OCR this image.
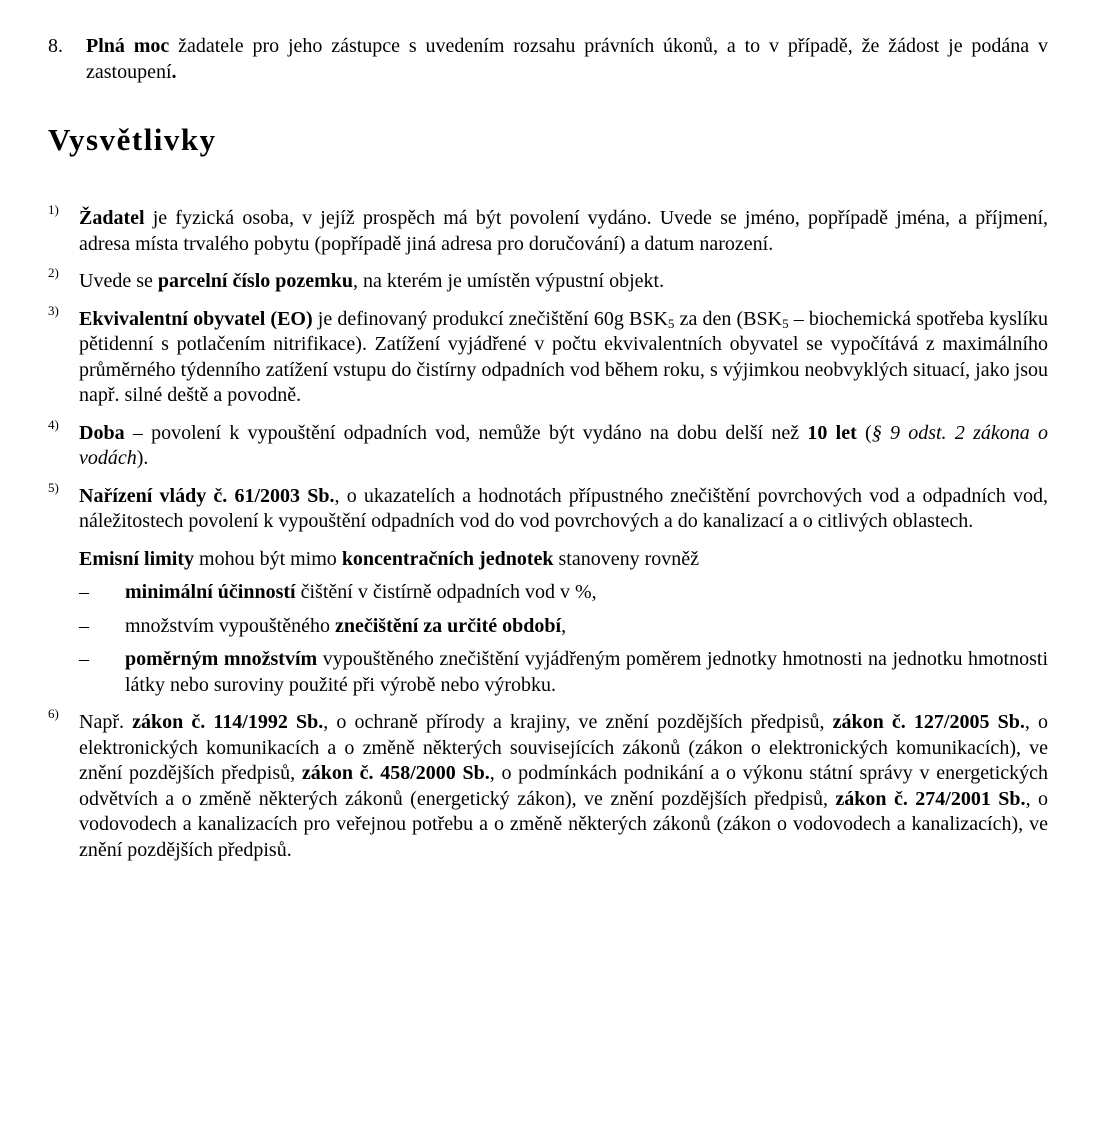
8. Plná moc žadatele pro jeho zástupce s uvedením rozsahu právních úkonů, a to v případě, že žádost je podána v zastoupení.
Vysvětlivky
1) Žadatel je fyzická osoba, v jejíž prospěch má být povolení vydáno. Uvede se jméno, popřípadě jména, a příjmení, adresa místa trvalého pobytu (popřípadě jiná adresa pro doručování) a datum narození.
2) Uvede se parcelní číslo pozemku, na kterém je umístěn výpustní objekt.
3) Ekvivalentní obyvatel (EO) je definovaný produkcí znečištění 60g $BSK_5$ za den ($BSK_5$ – biochemická spotřeba kyslíku pětidenní s potlačením nitrifikace). Zatížení vyjádřené v počtu ekvivalentních obyvatel se vypočítává z maximálního průměrného týdenního zatížení vstupu do čistírny odpadních vod během roku, s výjimkou neobvyklých situací, jako jsou např. silné deště a povodně.
4) Doba – povolení k vypouštění odpadních vod, nemůže být vydáno na dobu delší než 10 let (§ 9 odst. 2 zákona o vodách).
5) Nařízení vlády č. 61/2003 Sb., o ukazatelích a hodnotách přípustného znečištění povrchových vod a odpadních vod, náležitostech povolení k vypouštění odpadních vod do vod povrchových a do kanalizací a o citlivých oblastech.
Emisní limity mohou být mimo koncentračních jednotek stanoveny rovněž
– minimální účinností čištění v čistírně odpadních vod v %,
– množstvím vypouštěného znečištění za určité období,
– poměrným množstvím vypouštěného znečištění vyjádřeným poměrem jednotky hmotnosti na jednotku hmotnosti látky nebo suroviny použité při výrobě nebo výrobku.
6) Např. zákon č. 114/1992 Sb., o ochraně přírody a krajiny, ve znění pozdějších předpisů, zákon č. 127/2005 Sb., o elektronických komunikacích a o změně některých souvisejících zákonů (zákon o elektronických komunikacích), ve znění pozdějších předpisů, zákon č. 458/2000 Sb., o podmínkách podnikání a o výkonu státní správy v energetických odvětvích a o změně některých zákonů (energetický zákon), ve znění pozdějších předpisů, zákon č. 274/2001 Sb., o vodovodech a kanalizacích pro veřejnou potřebu a o změně některých zákonů (zákon o vodovodech a kanalizacích), ve znění pozdějších předpisů.
